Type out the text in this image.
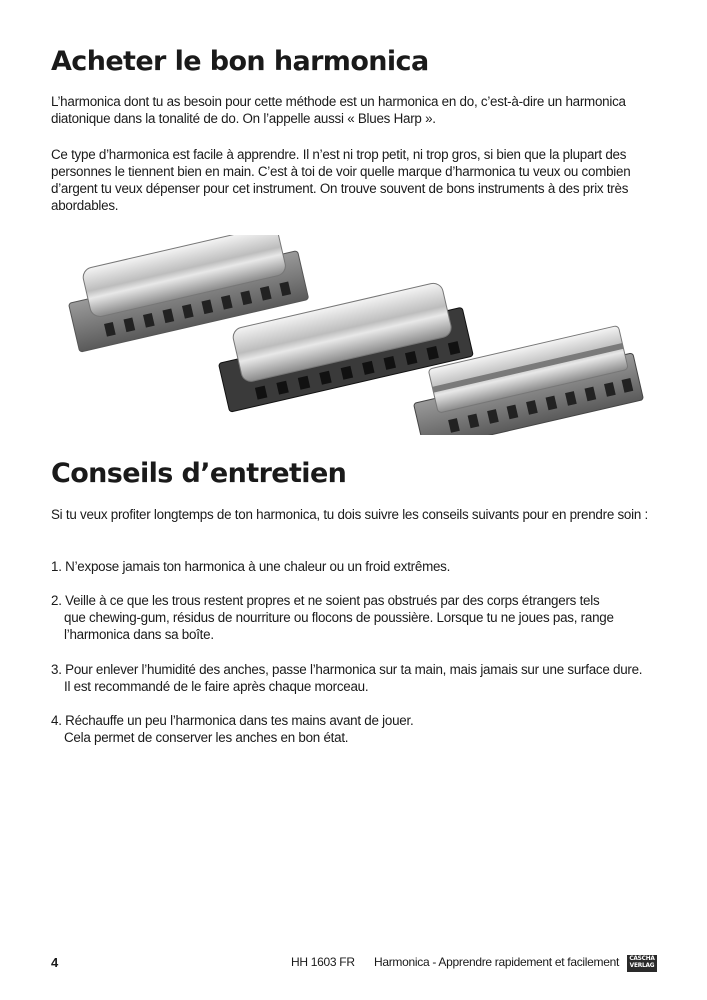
Acheter le bon harmonica

L’harmonica dont tu as besoin pour cette méthode est un harmonica en do, c’est-à-dire un harmonica diatonique dans la tonalité de do. On l’appelle aussi « Blues Harp ».

Ce type d’harmonica est facile à apprendre. Il n’est ni trop petit, ni trop gros, si bien que la plupart des personnes le tiennent bien en main. C’est à toi de voir quelle marque d’harmonica tu veux ou combien d’argent tu veux dépenser pour cet instrument. On trouve souvent de bons instruments à des prix très abordables.

Conseils d’entretien

Si tu veux profiter longtemps de ton harmonica, tu dois suivre les conseils suivants pour en prendre soin :

1. N’expose jamais ton harmonica à une chaleur ou un froid extrêmes.
2. Veille à ce que les trous restent propres et ne soient pas obstrués par des corps étrangers tels
que chewing-gum, résidus de nourriture ou flocons de poussière. Lorsque tu ne joues pas, range
l’harmonica dans sa boîte.
3. Pour enlever l’humidité des anches, passe l’harmonica sur ta main, mais jamais sur une surface dure.
Il est recommandé de le faire après chaque morceau.
4. Réchauffe un peu l’harmonica dans tes mains avant de jouer.
Cela permet de conserver les anches en bon état.
4	HH 1603 FR Harmonica - Apprendre rapidement et facilement	CASCHA
VERLAG
